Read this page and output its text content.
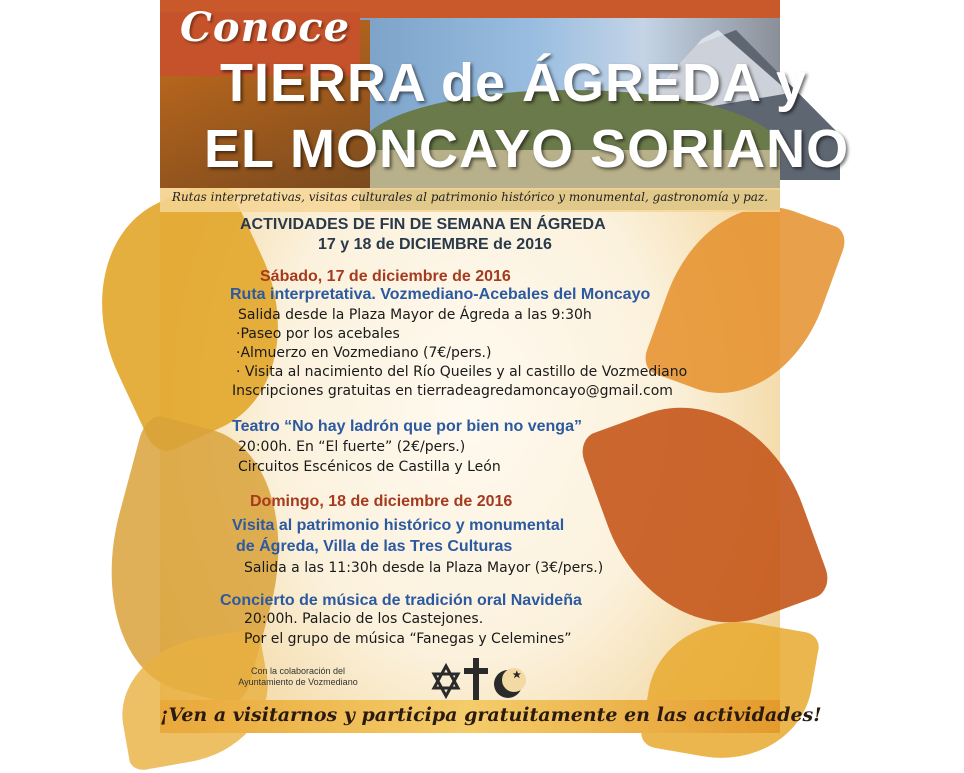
Conoce
TIERRA de ÁGREDA y
EL MONCAYO SORIANO
Rutas interpretativas, visitas culturales al patrimonio histórico y monumental, gastronomía y paz.
ACTIVIDADES DE FIN DE SEMANA EN ÁGREDA
17 y 18 de DICIEMBRE de 2016
Sábado, 17 de diciembre de 2016
Ruta interpretativa. Vozmediano-Acebales del Moncayo
Salida desde la Plaza Mayor de Ágreda a las 9:30h
·Paseo por los acebales
·Almuerzo en Vozmediano (7€/pers.)
· Visita al nacimiento del Río Queiles y al castillo de Vozmediano
Inscripciones gratuitas en tierradeagredamoncayo@gmail.com
Teatro “No hay ladrón que por bien no venga”
20:00h. En “El fuerte” (2€/pers.)
Circuitos Escénicos de Castilla y León
Domingo, 18 de diciembre de 2016
Visita al patrimonio histórico y monumental
de Ágreda, Villa de las Tres Culturas
Salida a las 11:30h desde la Plaza Mayor (3€/pers.)
Concierto de música de tradición oral Navideña
20:00h. Palacio de los Castejones.
Por el grupo de música “Fanegas y Celemines”
Con la colaboración del
Ayuntamiento de Vozmediano
¡Ven a visitarnos y participa gratuitamente en las actividades!
